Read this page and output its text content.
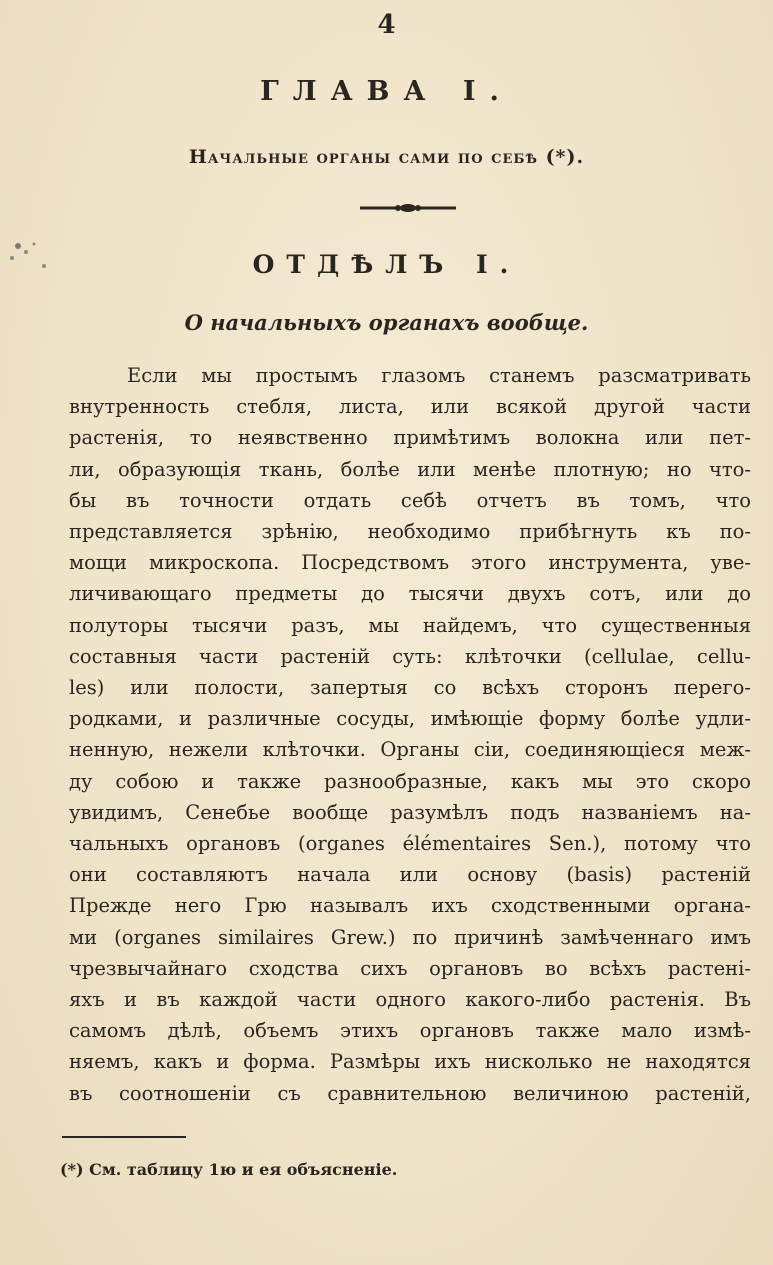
4
ГЛАВА I.
Начальные органы сами по себѣ (*).
ОТДѢЛЪ I.
О начальныхъ органахъ вообще.
Если мы простымъ глазомъ станемъ разсматривать
внутренность стебля, листа, или всякой другой части
растенія, то неявственно примѣтимъ волокна или пет-
ли, образующія ткань, болѣе или менѣе плотную; но что-
бы въ точности отдать себѣ отчетъ въ томъ, что
представляется зрѣнію, необходимо прибѣгнуть къ по-
мощи микроскопа. Посредствомъ этого инструмента, уве-
личивающаго предметы до тысячи двухъ сотъ, или до
полуторы тысячи разъ, мы найдемъ, что существенныя
составныя части растеній суть: клѣточки (cellulae, cellu-
les) или полости, запертыя со всѣхъ сторонъ перего-
родками, и различные сосуды, имѣющіе форму болѣе удли-
ненную, нежели клѣточки. Органы сіи, соединяющіеся меж-
ду собою и также разнообразные, какъ мы это скоро
увидимъ, Сенебье вообще разумѣлъ подъ названіемъ на-
чальныхъ органовъ (organes élémentaires Sen.), потому что
они составляютъ начала или основу (basis) растеній
Прежде него Грю называлъ ихъ сходственными органа-
ми (organes similaires Grew.) по причинѣ замѣченнаго имъ
чрезвычайнаго сходства сихъ органовъ во всѣхъ растені-
яхъ и въ каждой части одного какого-либо растенія. Въ
самомъ дѣлѣ, объемъ этихъ органовъ также мало измѣ-
няемъ, какъ и форма. Размѣры ихъ нисколько не находятся
въ соотношеніи съ сравнительною величиною растеній,
(*) См. таблицу 1ю и ея объясненіе.
